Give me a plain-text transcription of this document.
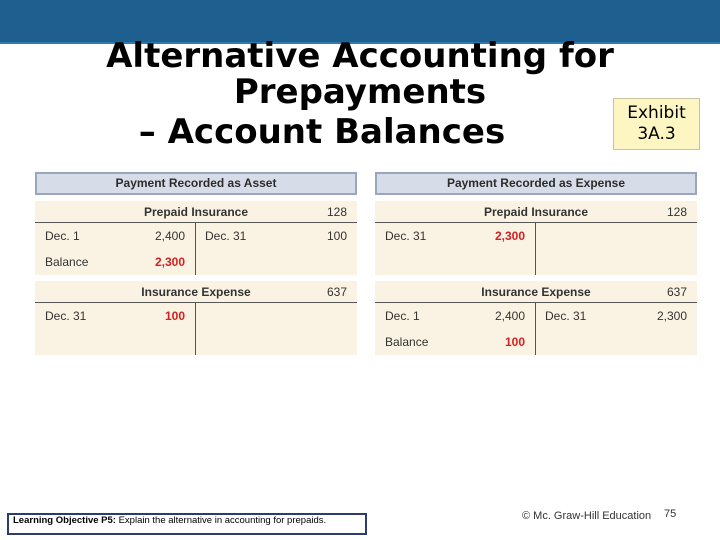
Alternative Accounting for Prepayments
– Account Balances	Exhibit
3A.3
Payment Recorded as Asset
Prepaid Insurance	128
Dec. 1	2,400 Dec. 31	100
Balance	2,300
Insurance Expense	637
Dec. 31	100
Payment Recorded as Expense
Prepaid Insurance	128
Dec. 31	2,300
Insurance Expense	637
Dec. 1	2,400 Dec. 31	2,300
Balance	100
Learning Objective P5: Explain the alternative in accounting for prepaids.	© Mc. Graw-Hill Education 75
